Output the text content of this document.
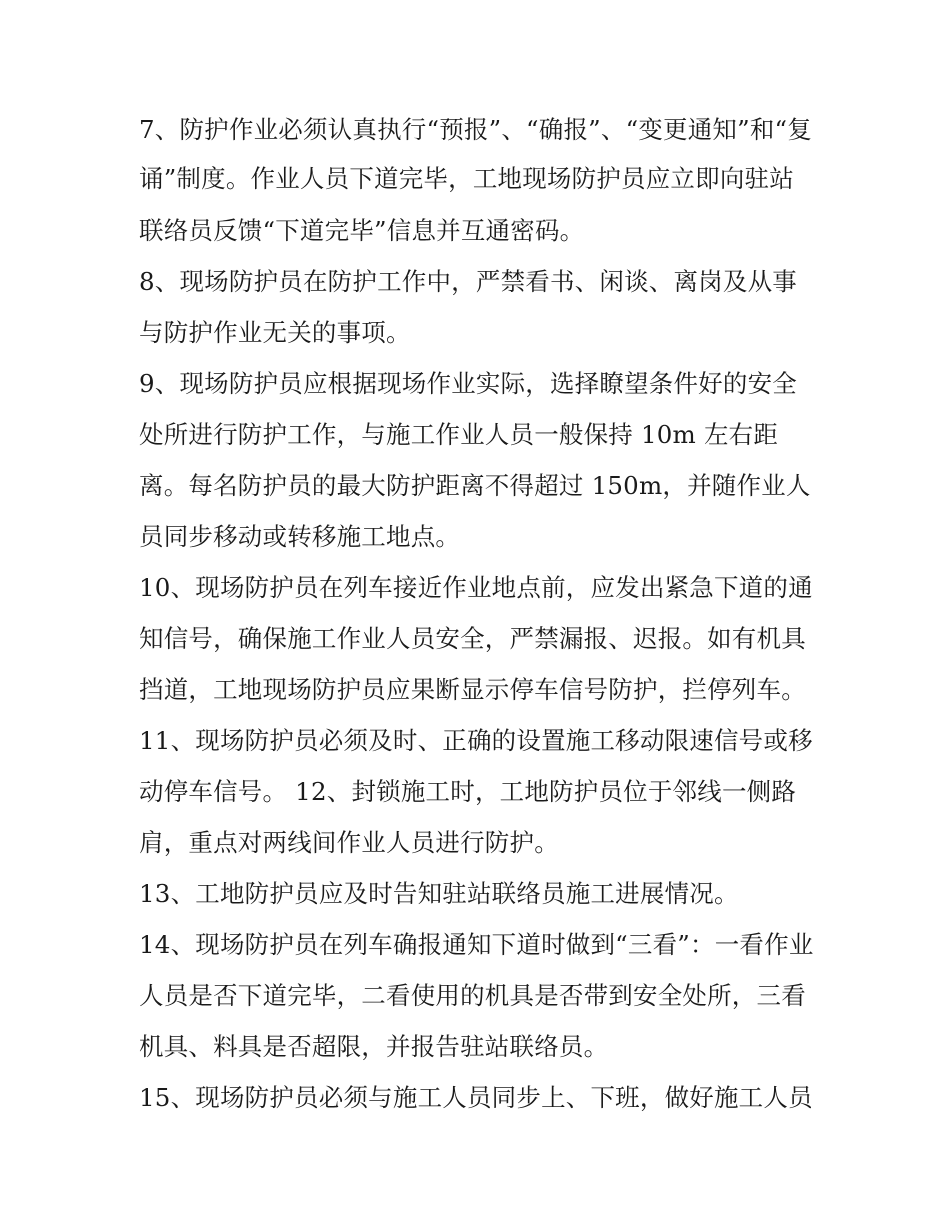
7、防护作业必须认真执行“预报”、“确报”、“变更通知”和“复
诵”制度。作业人员下道完毕，工地现场防护员应立即向驻站
联络员反馈“下道完毕”信息并互通密码。
8、现场防护员在防护工作中，严禁看书、闲谈、离岗及从事
与防护作业无关的事项。
9、现场防护员应根据现场作业实际，选择瞭望条件好的安全
处所进行防护工作，与施工作业人员一般保持 10m 左右距
离。每名防护员的最大防护距离不得超过 150m，并随作业人
员同步移动或转移施工地点。
10、现场防护员在列车接近作业地点前，应发出紧急下道的通
知信号，确保施工作业人员安全，严禁漏报、迟报。如有机具
挡道，工地现场防护员应果断显示停车信号防护，拦停列车。
11、现场防护员必须及时、正确的设置施工移动限速信号或移
动停车信号。 12、封锁施工时，工地防护员位于邻线一侧路
肩，重点对两线间作业人员进行防护。
13、工地防护员应及时告知驻站联络员施工进展情况。
14、现场防护员在列车确报通知下道时做到“三看”：一看作业
人员是否下道完毕，二看使用的机具是否带到安全处所，三看
机具、料具是否超限，并报告驻站联络员。
15、现场防护员必须与施工人员同步上、下班，做好施工人员
